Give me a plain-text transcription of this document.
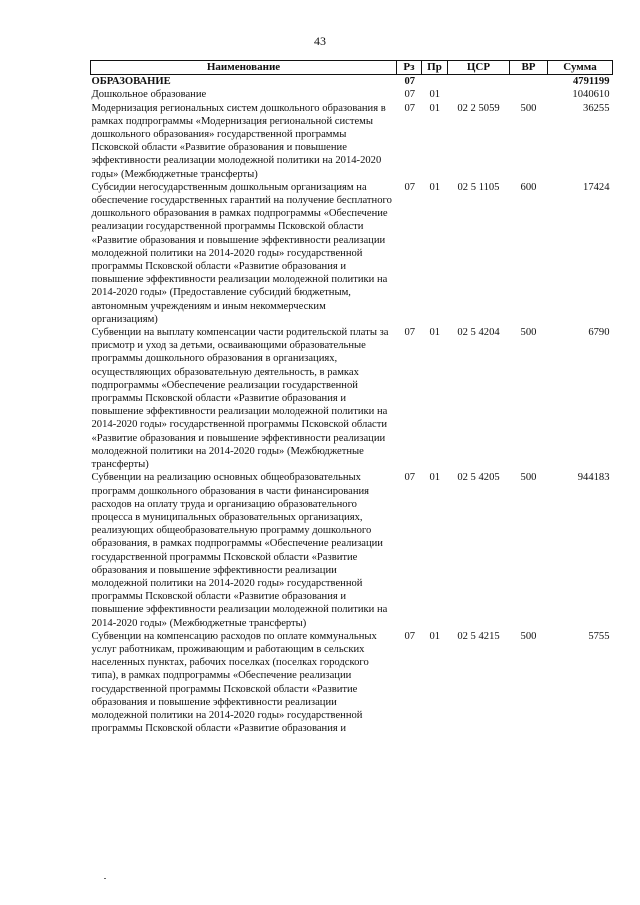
43
Наименование	Рз	Пр	ЦСР	ВР	Сумма
ОБРАЗОВАНИЕ	07				4791199
Дошкольное образование	07	01			1040610
Модернизация региональных систем дошкольного образования в рамках подпрограммы «Модернизация региональной системы дошкольного образования» государственной программы Псковской области «Развитие образования и повышение эффективности реализации молодежной политики на 2014-2020 годы» (Межбюджетные трансферты)	07	01	02 2 5059	500	36255
Субсидии негосударственным дошкольным организациям на обеспечение государственных гарантий на получение бесплатного дошкольного образования в рамках подпрограммы «Обеспечение реализации государственной программы Псковской области «Развитие образования и повышение эффективности реализации молодежной политики на 2014-2020 годы» государственной программы Псковской области «Развитие образования и повышение эффективности реализации молодежной политики на 2014-2020 годы» (Предоставление субсидий бюджетным, автономным учреждениям и иным некоммерческим организациям)	07	01	02 5 1105	600	17424
Субвенции на выплату компенсации части родительской платы за присмотр и уход за детьми, осваивающими образовательные программы дошкольного образования в организациях, осуществляющих образовательную деятельность, в рамках подпрограммы «Обеспечение реализации государственной программы Псковской области «Развитие образования и повышение эффективности реализации молодежной политики на 2014-2020 годы» государственной программы Псковской области «Развитие образования и повышение эффективности реализации молодежной политики на 2014-2020 годы» (Межбюджетные трансферты)	07	01	02 5 4204	500	6790
Субвенции на реализацию основных общеобразовательных программ дошкольного образования в части финансирования расходов на оплату труда и организацию образовательного процесса в муниципальных образовательных организациях, реализующих общеобразовательную программу дошкольного образования, в рамках подпрограммы «Обеспечение реализации государственной программы Псковской области «Развитие образования и повышение эффективности реализации молодежной политики на 2014-2020 годы» государственной программы Псковской области «Развитие образования и повышение эффективности реализации молодежной политики на 2014-2020 годы» (Межбюджетные трансферты)	07	01	02 5 4205	500	944183
Субвенции на компенсацию расходов по оплате коммунальных услуг работникам, проживающим и работающим в сельских населенных пунктах, рабочих поселках (поселках городского типа), в рамках подпрограммы «Обеспечение реализации государственной программы Псковской области «Развитие образования и повышение эффективности реализации молодежной политики на 2014-2020 годы» государственной программы Псковской области «Развитие образования и	07	01	02 5 4215	500	5755
